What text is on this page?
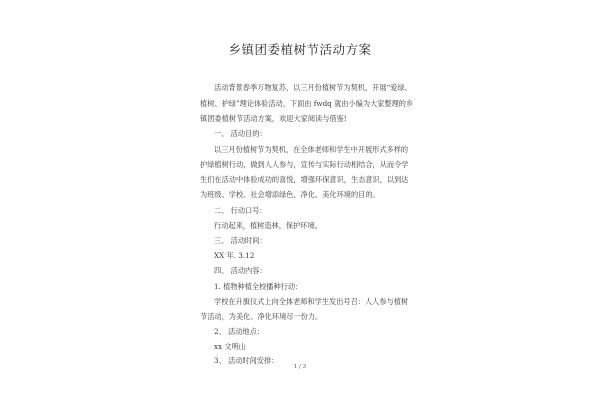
乡镇团委植树节活动方案
活动背景春季万物复苏，以三月份植树节为契机，开展“爱绿、
植树、护绿”理论体验活动，下面由 fwdq 就由小编为大家整理的乡
镇团委植树节活动方案，欢迎大家阅读与借鉴!
一、 活动目的：
以三月份植树节为契机，在全体老师和学生中开展形式多样的
护绿植树行动，做到人人参与，宣传与实际行动相结合，从而令学
生们在活动中体验成功的喜悦，增强环保意识，生态意识，以到达
为班级、学校、社会增添绿色，净化、美化环境的目的。
二、 行动口号：
行动起来，植树造林，保护环境。
三、 活动时间：
XX 年. 3.12
四、 活动内容：
1. 植物种植全校播种行动：
学校在升旗仪式上向全体老师和学生发出号召：人人参与植树
节活动，为美化、净化环境尽一份力。
2、 活动地点：
xx 文明山
3、 活动时间安排：
1 / 3
